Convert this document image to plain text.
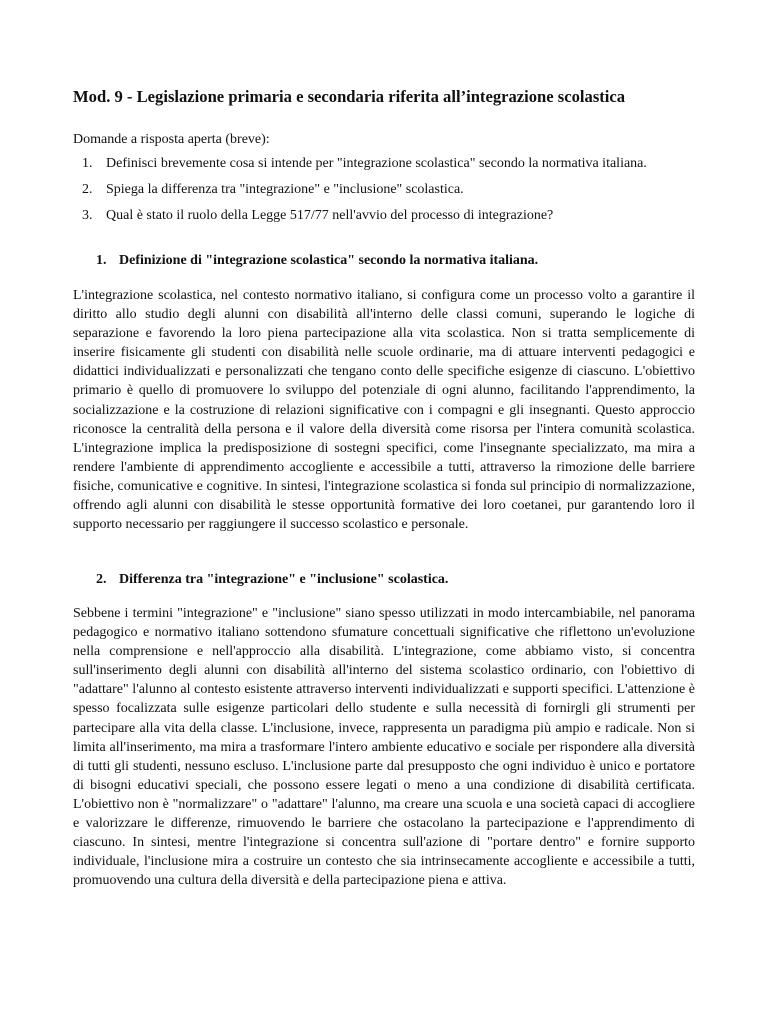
Mod. 9 - Legislazione primaria e secondaria riferita all’integrazione scolastica
Domande a risposta aperta (breve):
1. Definisci brevemente cosa si intende per "integrazione scolastica" secondo la normativa italiana.
2. Spiega la differenza tra "integrazione" e "inclusione" scolastica.
3. Qual è stato il ruolo della Legge 517/77 nell'avvio del processo di integrazione?
1. Definizione di "integrazione scolastica" secondo la normativa italiana.

L'integrazione scolastica, nel contesto normativo italiano, si configura come un processo volto a garantire il diritto allo studio degli alunni con disabilità all'interno delle classi comuni, superando le logiche di separazione e favorendo la loro piena partecipazione alla vita scolastica. Non si tratta semplicemente di inserire fisicamente gli studenti con disabilità nelle scuole ordinarie, ma di attuare interventi pedagogici e didattici individualizzati e personalizzati che tengano conto delle specifiche esigenze di ciascuno. L'obiettivo primario è quello di promuovere lo sviluppo del potenziale di ogni alunno, facilitando l'apprendimento, la socializzazione e la costruzione di relazioni significative con i compagni e gli insegnanti. Questo approccio riconosce la centralità della persona e il valore della diversità come risorsa per l'intera comunità scolastica. L'integrazione implica la predisposizione di sostegni specifici, come l'insegnante specializzato, ma mira a rendere l'ambiente di apprendimento accogliente e accessibile a tutti, attraverso la rimozione delle barriere fisiche, comunicative e cognitive. In sintesi, l'integrazione scolastica si fonda sul principio di normalizzazione, offrendo agli alunni con disabilità le stesse opportunità formative dei loro coetanei, pur garantendo loro il supporto necessario per raggiungere il successo scolastico e personale.

2. Differenza tra "integrazione" e "inclusione" scolastica.

Sebbene i termini "integrazione" e "inclusione" siano spesso utilizzati in modo intercambiabile, nel panorama pedagogico e normativo italiano sottendono sfumature concettuali significative che riflettono un'evoluzione nella comprensione e nell'approccio alla disabilità. L'integrazione, come abbiamo visto, si concentra sull'inserimento degli alunni con disabilità all'interno del sistema scolastico ordinario, con l'obiettivo di "adattare" l'alunno al contesto esistente attraverso interventi individualizzati e supporti specifici. L'attenzione è spesso focalizzata sulle esigenze particolari dello studente e sulla necessità di fornirgli gli strumenti per partecipare alla vita della classe. L'inclusione, invece, rappresenta un paradigma più ampio e radicale. Non si limita all'inserimento, ma mira a trasformare l'intero ambiente educativo e sociale per rispondere alla diversità di tutti gli studenti, nessuno escluso. L'inclusione parte dal presupposto che ogni individuo è unico e portatore di bisogni educativi speciali, che possono essere legati o meno a una condizione di disabilità certificata. L'obiettivo non è "normalizzare" o "adattare" l'alunno, ma creare una scuola e una società capaci di accogliere e valorizzare le differenze, rimuovendo le barriere che ostacolano la partecipazione e l'apprendimento di ciascuno. In sintesi, mentre l'integrazione si concentra sull'azione di "portare dentro" e fornire supporto individuale, l'inclusione mira a costruire un contesto che sia intrinsecamente accogliente e accessibile a tutti, promuovendo una cultura della diversità e della partecipazione piena e attiva.
